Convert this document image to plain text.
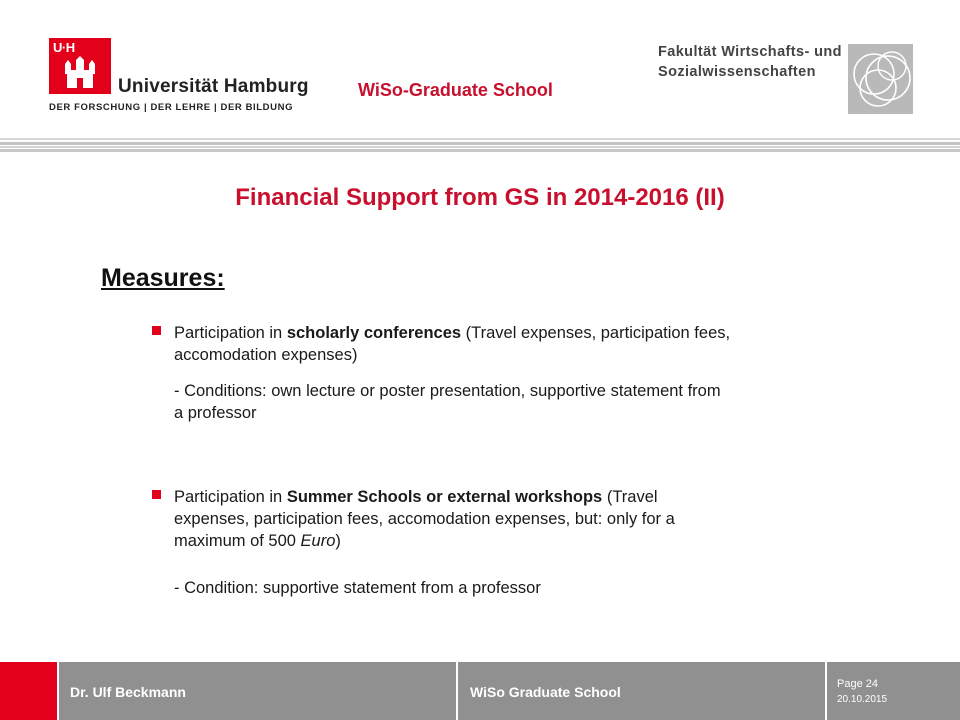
U·H
Universität Hamburg
DER FORSCHUNG | DER LEHRE | DER BILDUNG
WiSo-Graduate School
Fakultät Wirtschafts- und
Sozialwissenschaften
Financial Support from GS in 2014-2016 (II)
Measures:
Participation in scholarly conferences (Travel expenses, participation fees,
accomodation expenses)
- Conditions: own lecture or poster presentation, supportive statement from
a professor
Participation in Summer Schools or external workshops (Travel
expenses, participation fees, accomodation expenses, but: only for a
maximum of 500 Euro)
- Condition: supportive statement from a professor
Dr. Ulf Beckmann	WiSo Graduate School	Page 24
20.10.2015
